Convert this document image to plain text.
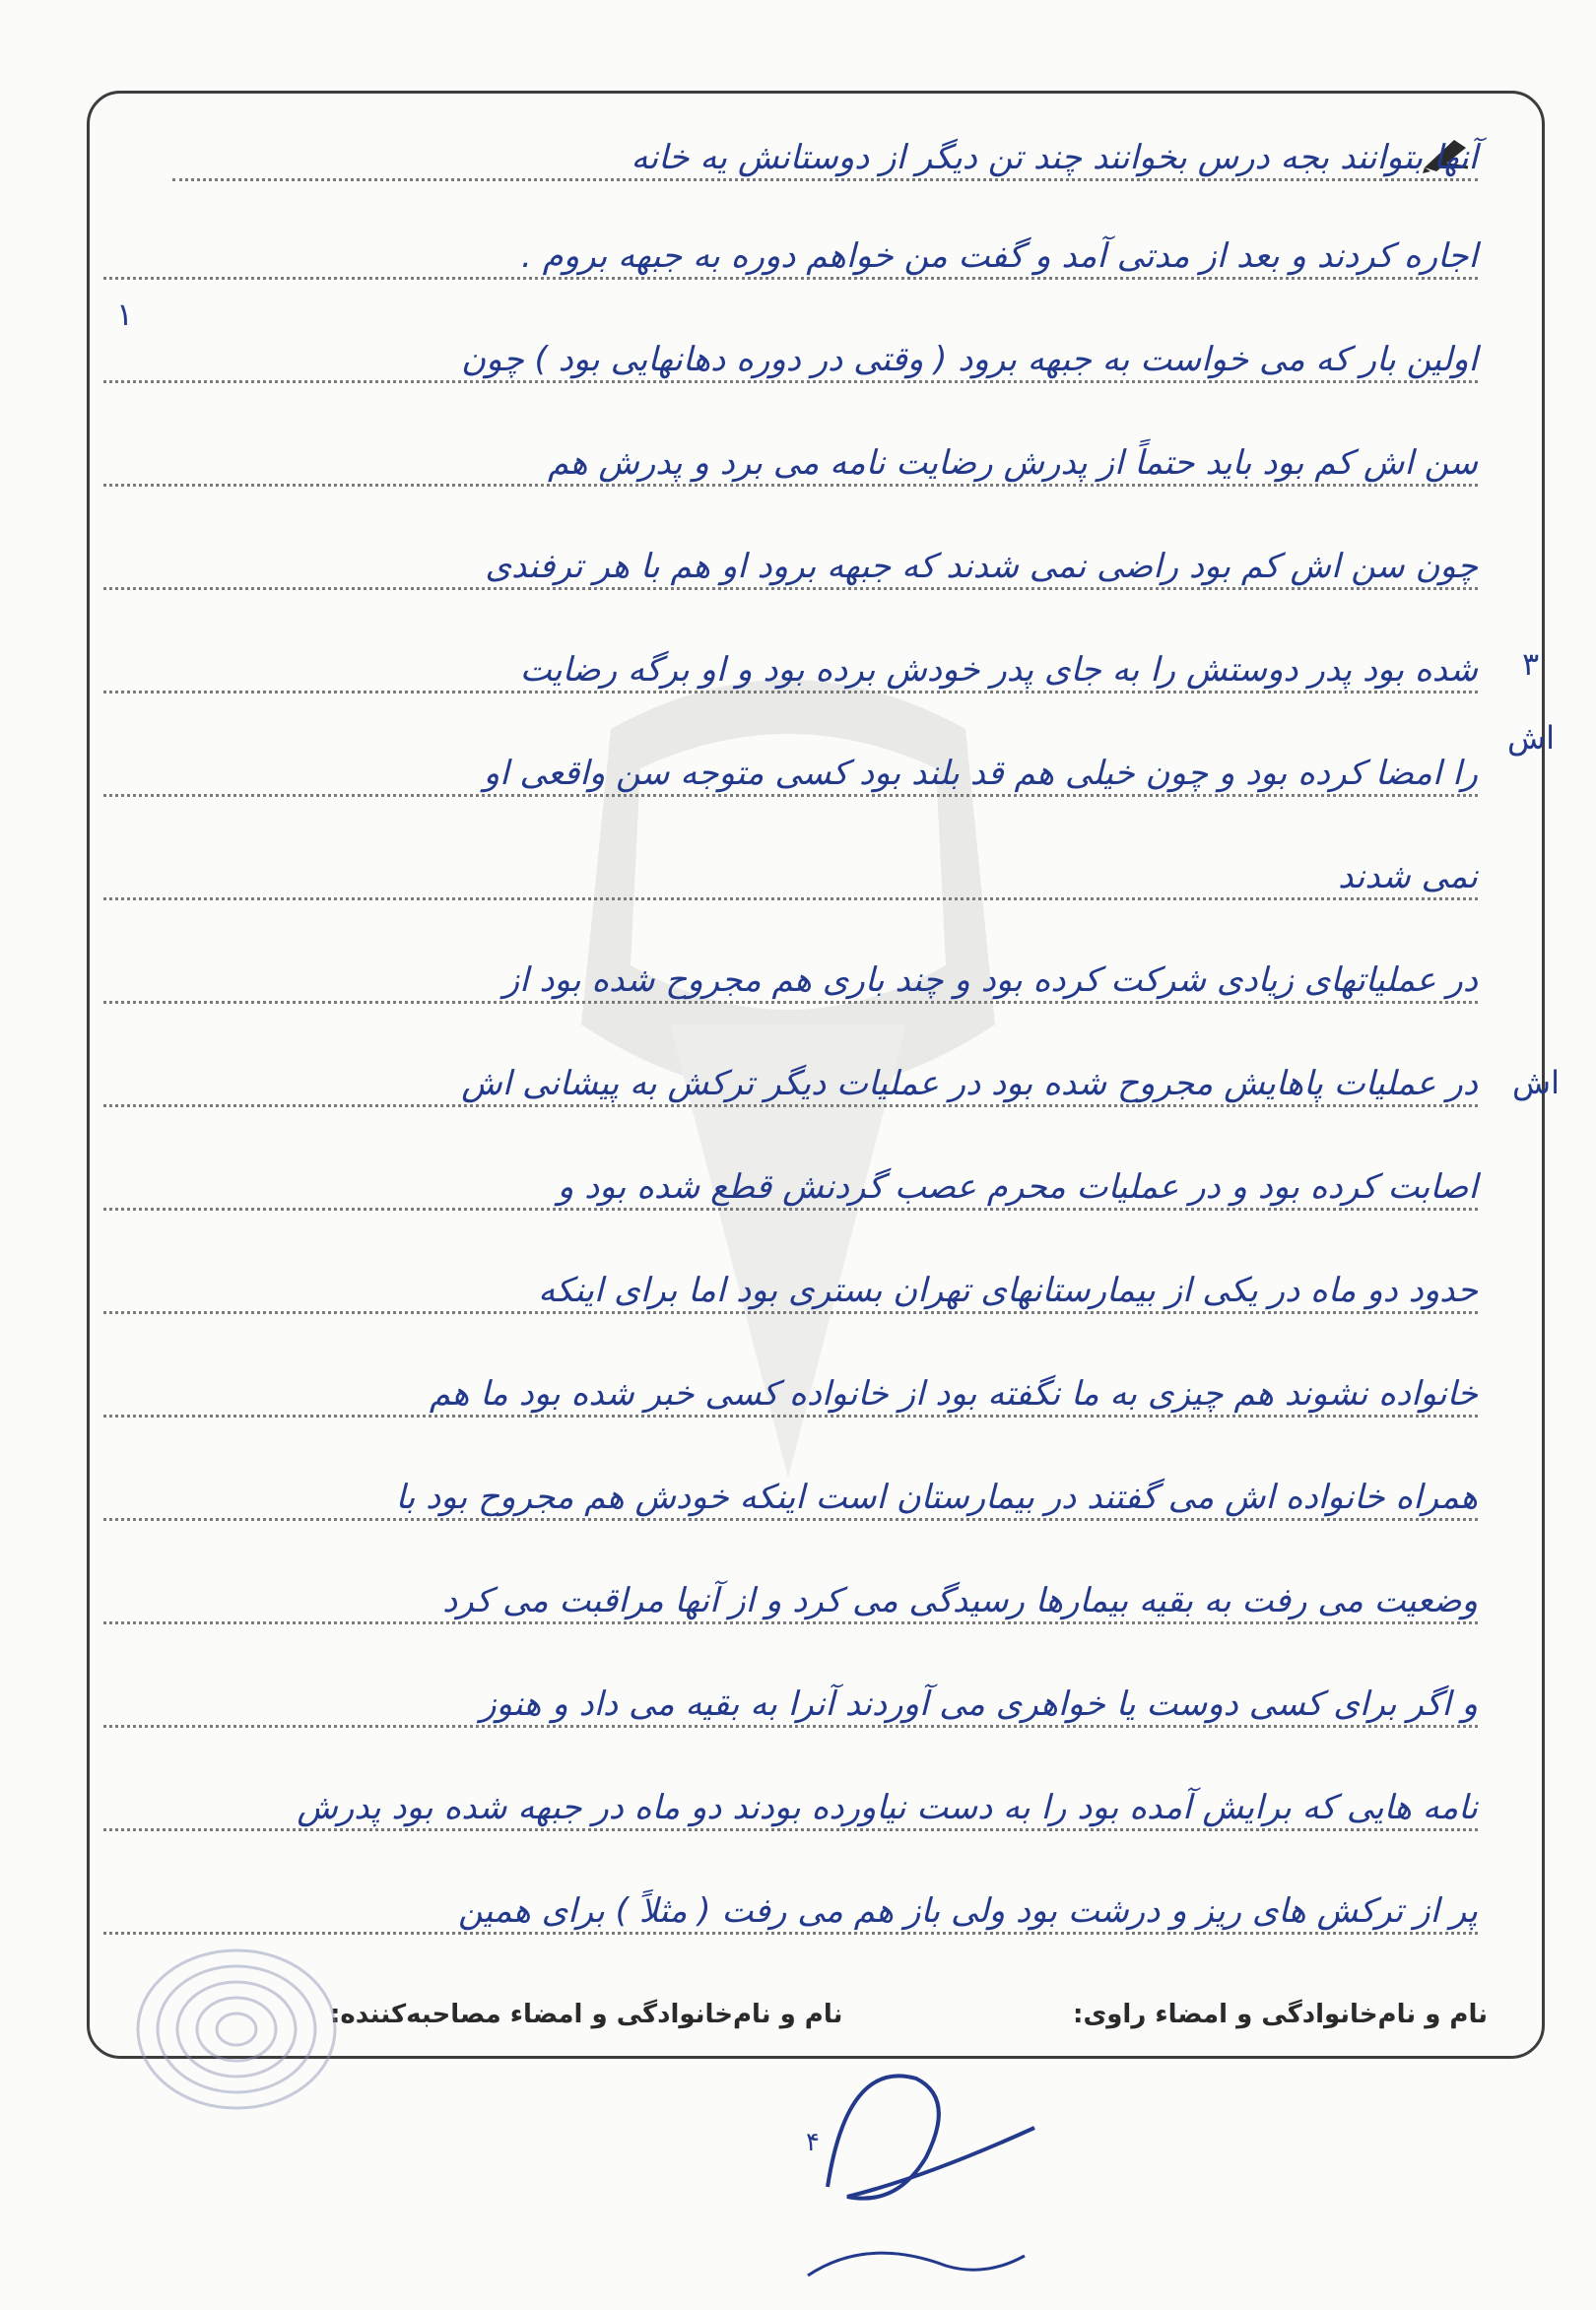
آنها بتوانند بجه درس بخوانند چند تن دیگر از دوستانش یه خانه
اجاره کردند و بعد از مدتی آمد و گفت من خواهم دوره به جبهه بروم .
اولین بار که می خواست به جبهه برود ( وقتی در دوره دهانهایی بود ) چون
سن اش کم بود باید حتماً از پدرش رضایت نامه می برد و پدرش هم
چون سن اش کم بود راضی نمی شدند که جبهه برود او هم با هر ترفندی
شده بود پدر دوستش را به جای پدر خودش برده بود و او برگه رضایت
را امضا کرده بود و چون خیلی هم قد بلند بود کسی متوجه سن واقعی او
نمی شدند
در عملیاتهای زیادی شرکت کرده بود و چند باری هم مجروح شده بود از
در عملیات پاهایش مجروح شده بود در عملیات دیگر ترکش به پیشانی اش
اصابت کرده بود و در عملیات محرم عصب گردنش قطع شده بود و
حدود دو ماه در یکی از بیمارستانهای تهران بستری بود اما برای اینکه
خانواده نشوند هم چیزی به ما نگفته بود از خانواده کسی خبر شده بود ما هم
همراه خانواده اش می گفتند در بیمارستان است اینکه خودش هم مجروح بود با
وضعیت می رفت به بقیه بیمارها رسیدگی می کرد و از آنها مراقبت می کرد
و اگر برای کسی دوست یا خواهری می آوردند آنرا به بقیه می داد و هنوز
نامه هایی که برایش آمده بود را به دست نیاورده بودند دو ماه در جبهه شده بود پدرش
پر از ترکش های ریز و درشت بود ولی باز هم می رفت ( مثلاً ) برای همین
۱
۳
اش
اش
نام و نام‌خانوادگی و امضاء راوی:
نام و نام‌خانوادگی و امضاء مصاحبه‌کننده:
۴
